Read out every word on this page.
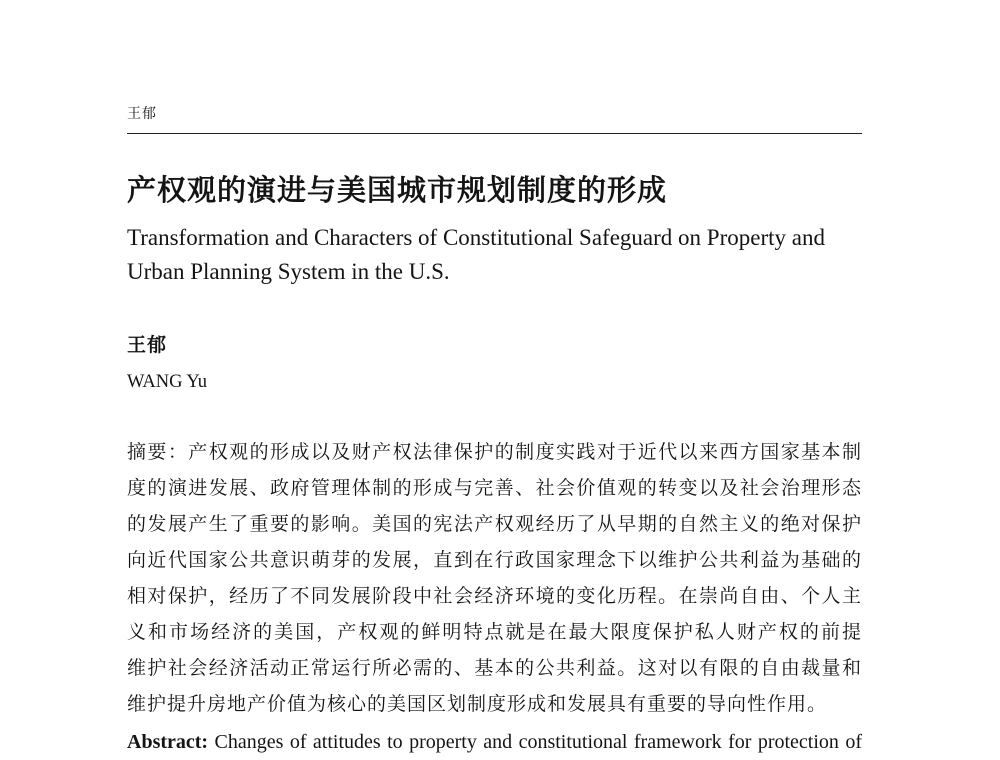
王郁
产权观的演进与美国城市规划制度的形成
Transformation and Characters of Constitutional Safeguard on Property and
Urban Planning System in the U.S.
王郁
WANG Yu
摘要：产权观的形成以及财产权法律保护的制度实践对于近代以来西方国家基本制
度的演进发展、政府管理体制的形成与完善、社会价值观的转变以及社会治理形态
的发展产生了重要的影响。美国的宪法产权观经历了从早期的自然主义的绝对保护
向近代国家公共意识萌芽的发展，直到在行政国家理念下以维护公共利益为基础的
相对保护，经历了不同发展阶段中社会经济环境的变化历程。在崇尚自由、个人主
义和市场经济的美国，产权观的鲜明特点就是在最大限度保护私人财产权的前提
维护社会经济活动正常运行所必需的、基本的公共利益。这对以有限的自由裁量和
维护提升房地产价值为核心的美国区划制度形成和发展具有重要的导向性作用。
Abstract: Changes of attitudes to property and constitutional framework for protection of
